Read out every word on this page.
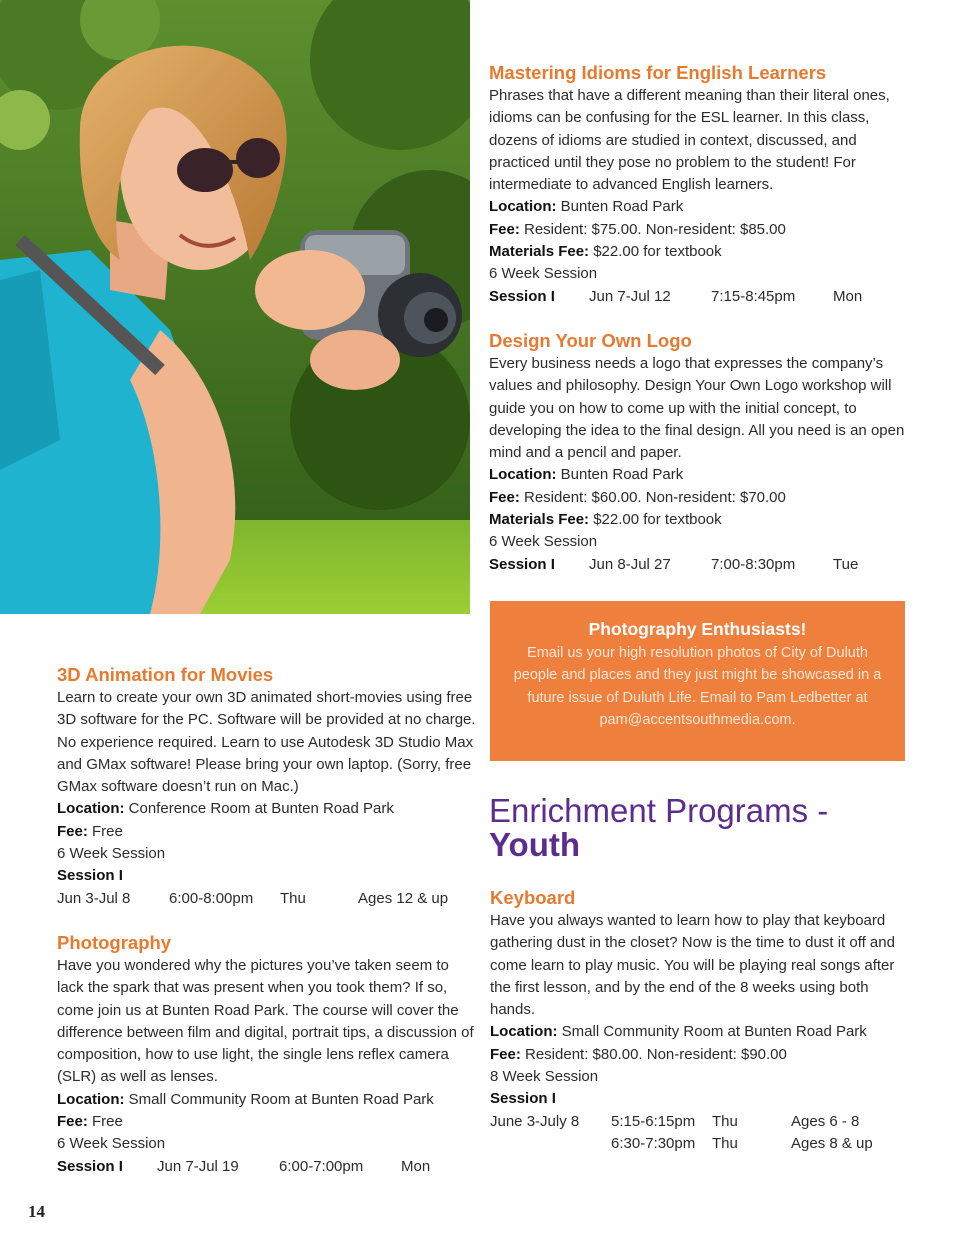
Mastering Idioms for English Learners

Phrases that have a different meaning than their literal ones, idioms can be confusing for the ESL learner. In this class, dozens of idioms are studied in context, discussed, and practiced until they pose no problem to the student! For intermediate to advanced English learners.

Location: Bunten Road Park

Fee: Resident: $75.00. Non-resident: $85.00

Materials Fee: $22.00 for textbook

6 Week Session

Session I	Jun 7-Jul 12	7:15-8:45pm	Mon
Design Your Own Logo

Every business needs a logo that expresses the company’s values and philosophy. Design Your Own Logo workshop will guide you on how to come up with the initial concept, to developing the idea to the final design. All you need is an open mind and a pencil and paper.

Location: Bunten Road Park

Fee: Resident: $60.00. Non-resident: $70.00

Materials Fee: $22.00 for textbook

6 Week Session

Session I	Jun 8-Jul 27	7:00-8:30pm	Tue
Photography Enthusiasts!

Email us your high resolution photos of City of Duluth people and places and they just might be showcased in a future issue of Duluth Life. Email to Pam Ledbetter at pam@accentsouthmedia.com.

Enrichment Programs -
Youth
3D Animation for Movies

Learn to create your own 3D animated short-movies using free 3D software for the PC. Software will be provided at no charge. No experience required. Learn to use Autodesk 3D Studio Max and GMax software! Please bring your own laptop. (Sorry, free GMax software doesn’t run on Mac.)

Location: Conference Room at Bunten Road Park

Fee: Free

6 Week Session

Session I

Jun 3-Jul 8	6:00-8:00pm	Thu	Ages 12 & up
Photography

Have you wondered why the pictures you’ve taken seem to lack the spark that was present when you took them? If so, come join us at Bunten Road Park. The course will cover the difference between film and digital, portrait tips, a discussion of composition, how to use light, the single lens reflex camera (SLR) as well as lenses.

Location: Small Community Room at Bunten Road Park

Fee: Free

6 Week Session

Session I	Jun 7-Jul 19	6:00-7:00pm	Mon
Keyboard

Have you always wanted to learn how to play that keyboard gathering dust in the closet? Now is the time to dust it off and come learn to play music. You will be playing real songs after the first lesson, and by the end of the 8 weeks using both hands.

Location: Small Community Room at Bunten Road Park

Fee: Resident: $80.00. Non-resident: $90.00

8 Week Session

Session I

June 3-July 8	5:15-6:15pm	Thu	Ages 6 - 8
6:30-7:30pm	Thu	Ages 8 & up
14
